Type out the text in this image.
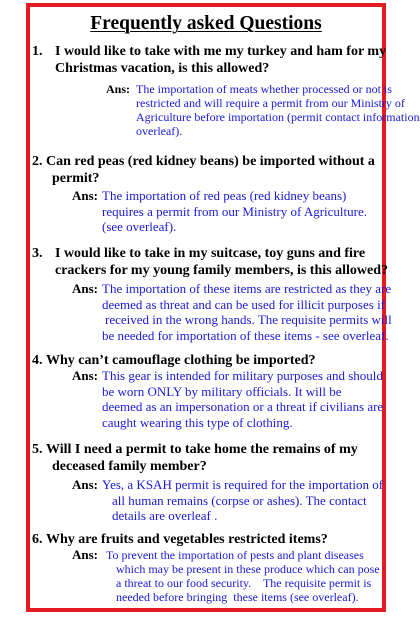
Frequently asked Questions
1. I would like to take with me my turkey and ham for my
Christmas vacation, is this allowed?
Ans: The importation of meats whether processed or not is
restricted and will require a permit from our Ministry of
Agriculture before importation (permit contact information
overleaf).
2. Can red peas (red kidney beans) be imported without a
permit?
Ans: The importation of red peas (red kidney beans)
requires a permit from our Ministry of Agriculture.
(see overleaf).
3. I would like to take in my suitcase, toy guns and fire
crackers for my young family members, is this allowed?
Ans: The importation of these items are restricted as they are
deemed as threat and can be used for illicit purposes if
received in the wrong hands. The requisite permits will
be needed for importation of these items - see overleaf.
4. Why can’t camouflage clothing be imported?
Ans: This gear is intended for military purposes and should
be worn ONLY by military officials. It will be
deemed as an impersonation or a threat if civilians are
caught wearing this type of clothing.
5. Will I need a permit to take home the remains of my
deceased family member?
Ans: Yes, a KSAH permit is required for the importation of
all human remains (corpse or ashes). The contact
details are overleaf .
6. Why are fruits and vegetables restricted items?
Ans: To prevent the importation of pests and plant diseases
which may be present in these produce which can pose
a threat to our food security.    The requisite permit is
needed before bringing  these items (see overleaf).
